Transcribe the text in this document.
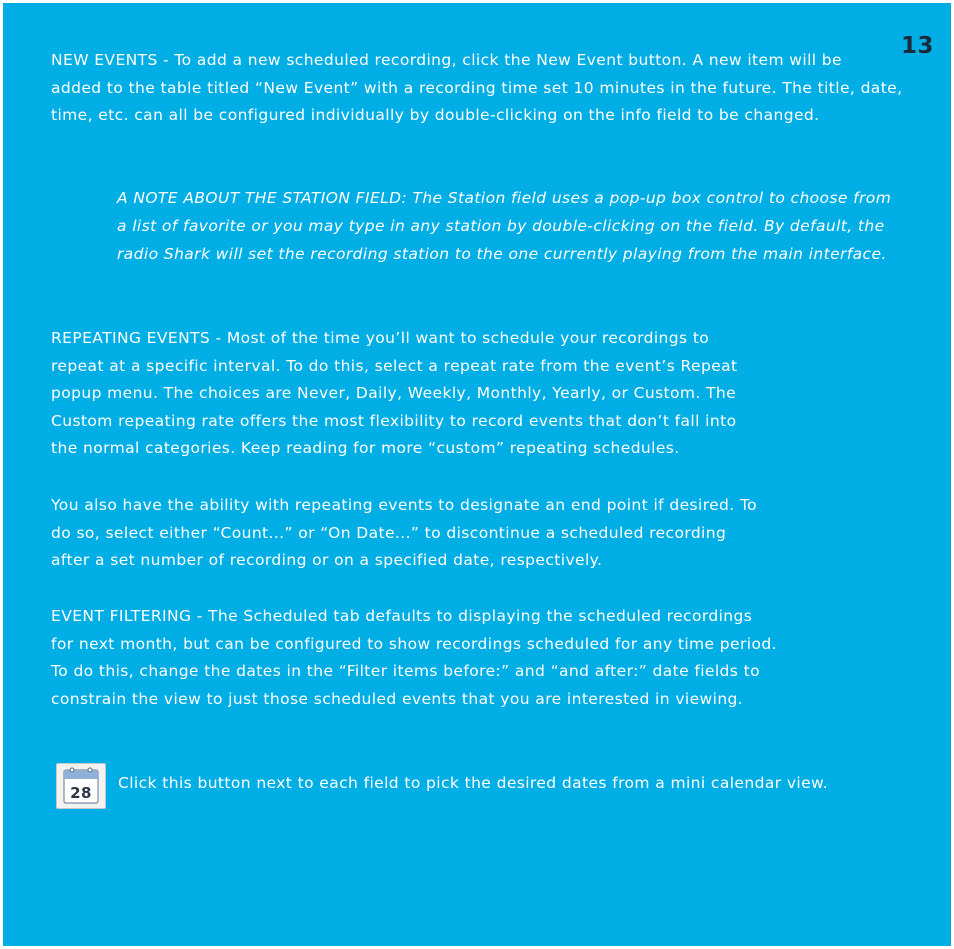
13

NEW EVENTS - To add a new scheduled recording, click the New Event button. A new item will be
added to the table titled “New Event” with a recording time set 10 minutes in the future. The title, date,
time, etc. can all be configured individually by double-clicking on the info field to be changed.

A NOTE ABOUT THE STATION FIELD: The Station field uses a pop-up box control to choose from
a list of favorite or you may type in any station by double-clicking on the field. By default, the
radio Shark will set the recording station to the one currently playing from the main interface.

REPEATING EVENTS - Most of the time you’ll want to schedule your recordings to
repeat at a specific interval. To do this, select a repeat rate from the event’s Repeat
popup menu. The choices are Never, Daily, Weekly, Monthly, Yearly, or Custom. The
Custom repeating rate offers the most flexibility to record events that don’t fall into
the normal categories. Keep reading for more “custom” repeating schedules.

You also have the ability with repeating events to designate an end point if desired. To
do so, select either “Count...” or “On Date...” to discontinue a scheduled recording
after a set number of recording or on a specified date, respectively.

EVENT FILTERING - The Scheduled tab defaults to displaying the scheduled recordings
for next month, but can be configured to show recordings scheduled for any time period.
To do this, change the dates in the “Filter items before:” and “and after:” date fields to
constrain the view to just those scheduled events that you are interested in viewing.

28

Click this button next to each field to pick the desired dates from a mini calendar view.
